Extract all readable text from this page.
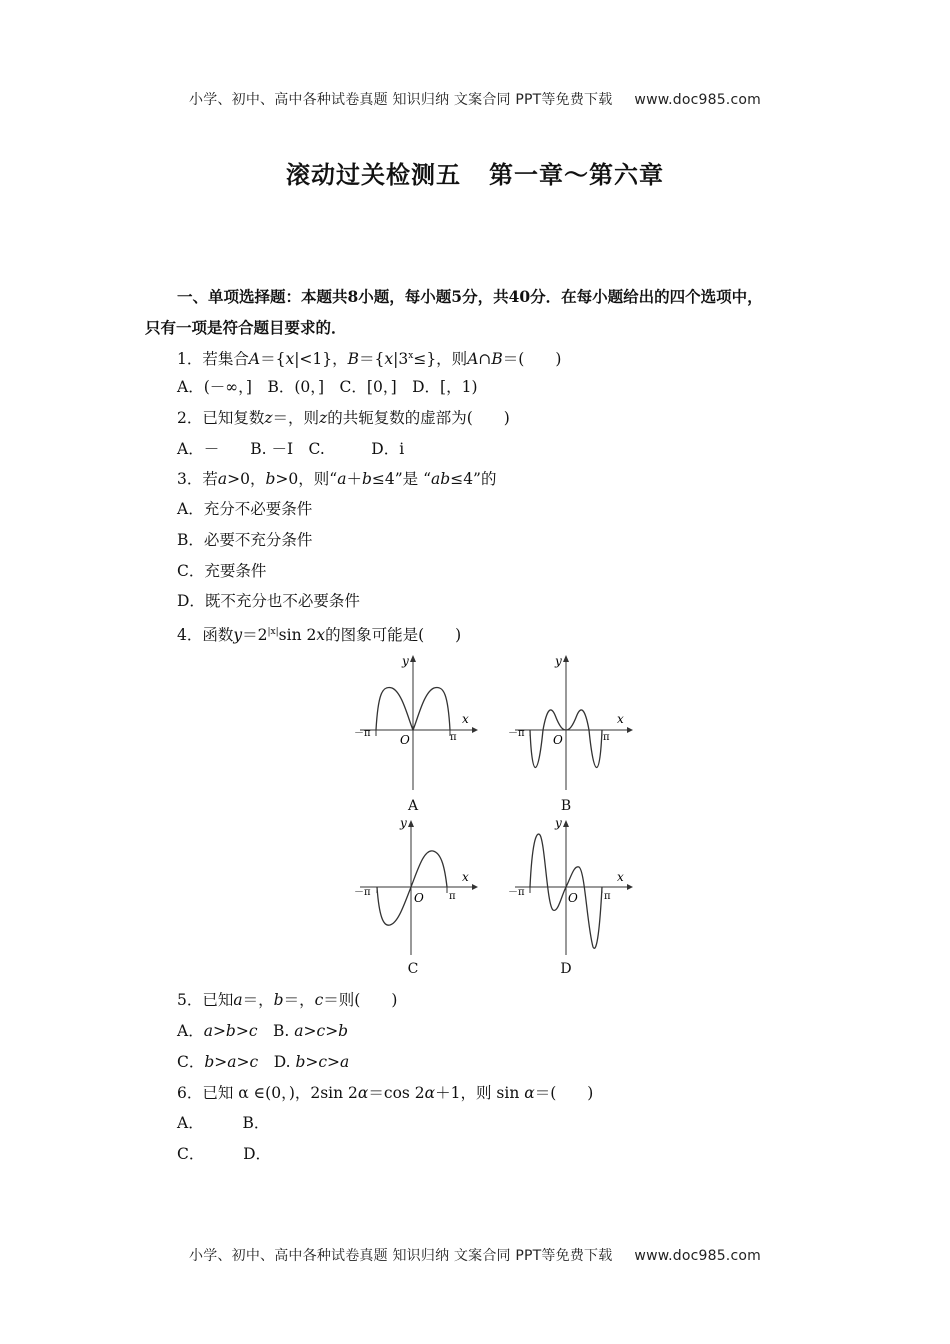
小学、初中、高中各种试卷真题 知识归纳 文案合同 PPT等免费下载 www.doc985.com
滚动过关检测五 第一章～第六章
一、单项选择题：本题共8小题，每小题5分，共40分．在每小题给出的四个选项中，
只有一项是符合题目要求的．
1．若集合A＝{x|<1}，$B=\{x|3^x\le\}$，则A∩B＝(　　)
A．(－∞，]　B．(0，]　C．[0，]　D．[，1)
2．已知复数z＝，则z的共轭复数的虚部为(　　)
A．－　　B. －I　C.　　　D．i
3．若a>0，b>0，则“a＋b≤4”是 “ab≤4”的
A．充分不必要条件
B．必要不充分条件
C．充要条件
D．既不充分也不必要条件
4．函数$y=2^{|x|}\sin$ 2x的图象可能是(　　)
x
y
O
－π	π
A
x
y
O
－π	π
B
x
y
O
－π	π
C
x
y
O
－π	π
D
5．已知a＝，b＝，c＝则(　　)
A．a>b>c　B. a>c>b
C．b>a>c　D. b>c>a
6．已知 α ∈(0，)，2sin 2α＝cos 2α＋1，则 sin α＝(　　)
A．　　　B．
C．　　　D．
小学、初中、高中各种试卷真题 知识归纳 文案合同 PPT等免费下载 www.doc985.com
